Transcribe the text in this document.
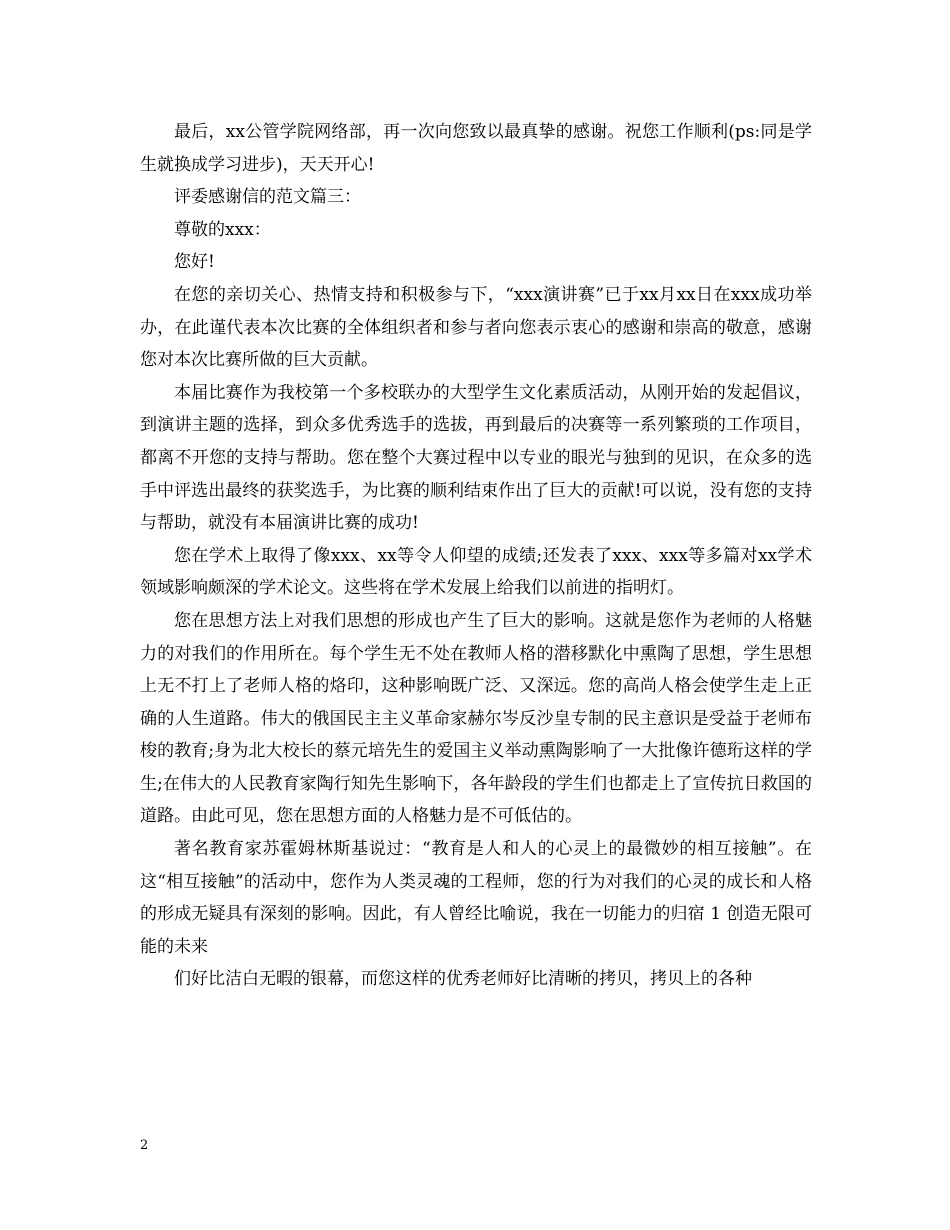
最后，xx公管学院网络部，再一次向您致以最真挚的感谢。祝您工作顺利(ps:同是学生就换成学习进步)，天天开心!

评委感谢信的范文篇三：

尊敬的xxx：

您好!

在您的亲切关心、热情支持和积极参与下，“xxx演讲赛”已于xx月xx日在xxx成功举办，在此谨代表本次比赛的全体组织者和参与者向您表示衷心的感谢和崇高的敬意，感谢您对本次比赛所做的巨大贡献。

本届比赛作为我校第一个多校联办的大型学生文化素质活动，从刚开始的发起倡议，到演讲主题的选择，到众多优秀选手的选拔，再到最后的决赛等一系列繁琐的工作项目，都离不开您的支持与帮助。您在整个大赛过程中以专业的眼光与独到的见识，在众多的选手中评选出最终的获奖选手，为比赛的顺利结束作出了巨大的贡献!可以说，没有您的支持与帮助，就没有本届演讲比赛的成功!

您在学术上取得了像xxx、xx等令人仰望的成绩;还发表了xxx、xxx等多篇对xx学术领域影响颇深的学术论文。这些将在学术发展上给我们以前进的指明灯。

您在思想方法上对我们思想的形成也产生了巨大的影响。这就是您作为老师的人格魅力的对我们的作用所在。每个学生无不处在教师人格的潜移默化中熏陶了思想，学生思想上无不打上了老师人格的烙印，这种影响既广泛、又深远。您的高尚人格会使学生走上正确的人生道路。伟大的俄国民主主义革命家赫尔岑反沙皇专制的民主意识是受益于老师布梭的教育;身为北大校长的蔡元培先生的爱国主义举动熏陶影响了一大批像许德珩这样的学生;在伟大的人民教育家陶行知先生影响下，各年龄段的学生们也都走上了宣传抗日救国的道路。由此可见，您在思想方面的人格魅力是不可低估的。

著名教育家苏霍姆林斯基说过：“教育是人和人的心灵上的最微妙的相互接触”。在这“相互接触”的活动中，您作为人类灵魂的工程师，您的行为对我们的心灵的成长和人格的形成无疑具有深刻的影响。因此，有人曾经比喻说，我在一切能力的归宿 1 创造无限可能的未来

们好比洁白无暇的银幕，而您这样的优秀老师好比清晰的拷贝，拷贝上的各种

2
